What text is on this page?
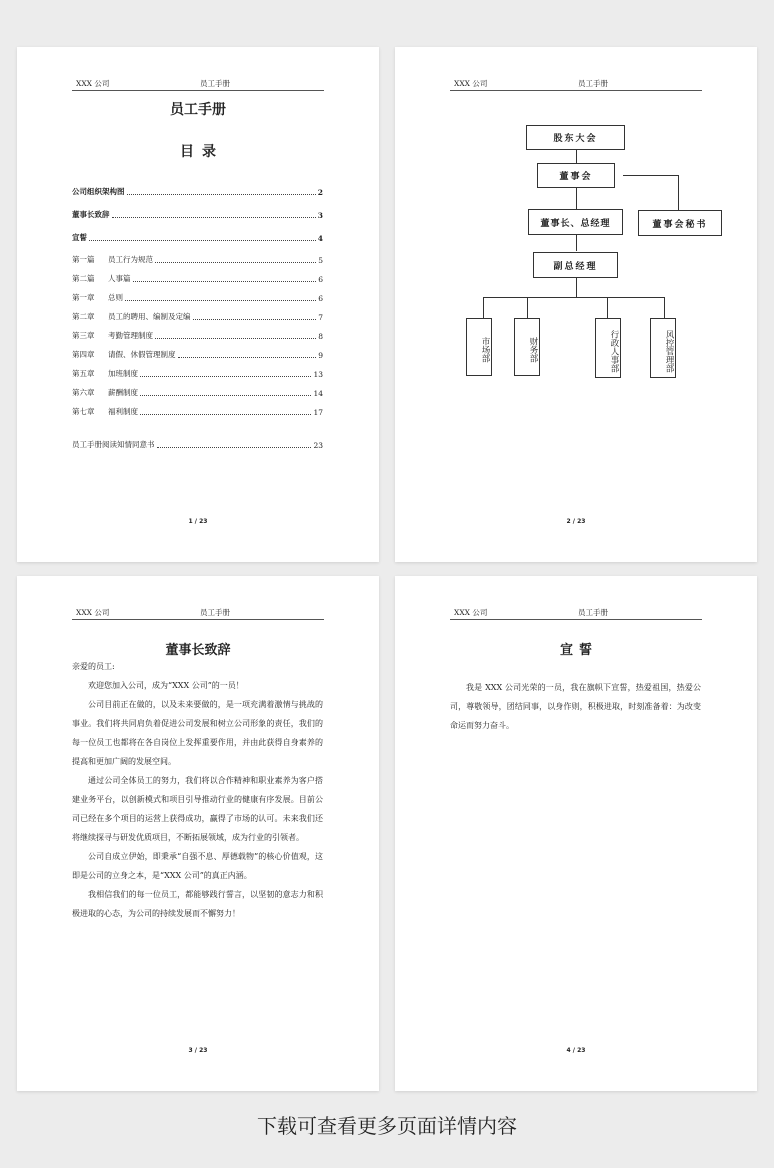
XXX 公司	员工手册
员工手册
目录
公司组织架构图	2
董事长致辞	3
宣誓	4
第一篇	员工行为规范	5
第二篇	人事篇	6
第一章	总则	6
第二章	员工的聘用、编制及定编	7
第三章	考勤管理制度	8
第四章	请假、休假管理制度	9
第五章	加班制度	13
第六章	薪酬制度	14
第七章	福利制度	17
员工手册阅读知情同意书	23
1 / 23
XXX 公司	员工手册
股东大会
董事会
董事长、总经理	董事会秘书
副总经理
市场部	财务部	行政人事部	风控管理部
2 / 23
XXX 公司	员工手册
董事长致辞

亲爱的员工:

欢迎您加入公司，成为“XXX 公司”的一员！

公司目前正在做的，以及未来要做的，是一项充满着激情与挑战的事业。我们将共同肩负着促进公司发展和树立公司形象的责任，我们的每一位员工也都将在各自岗位上发挥重要作用，并由此获得自身素养的提高和更加广阔的发展空间。

通过公司全体员工的努力，我们将以合作精神和职业素养为客户搭建业务平台，以创新模式和项目引导推动行业的健康有序发展。目前公司已经在多个项目的运营上获得成功，赢得了市场的认可。未来我们还将继续探寻与研发优质项目，不断拓展领域，成为行业的引领者。

公司自成立伊始，即秉承“自强不息、厚德载物”的核心价值观，这即是公司的立身之本，是“XXX 公司”的真正内涵。

我相信我们的每一位员工，都能够践行誓言，以坚韧的意志力和积极进取的心态，为公司的持续发展而不懈努力！

3 / 23
XXX 公司	员工手册
宣誓

我是 XXX 公司光荣的一员，我在旗帜下宣誓，热爱祖国，热爱公司，尊敬领导，团结同事，以身作则，积极进取，时刻准备着：为改变命运而努力奋斗。

4 / 23
下载可查看更多页面详情内容
